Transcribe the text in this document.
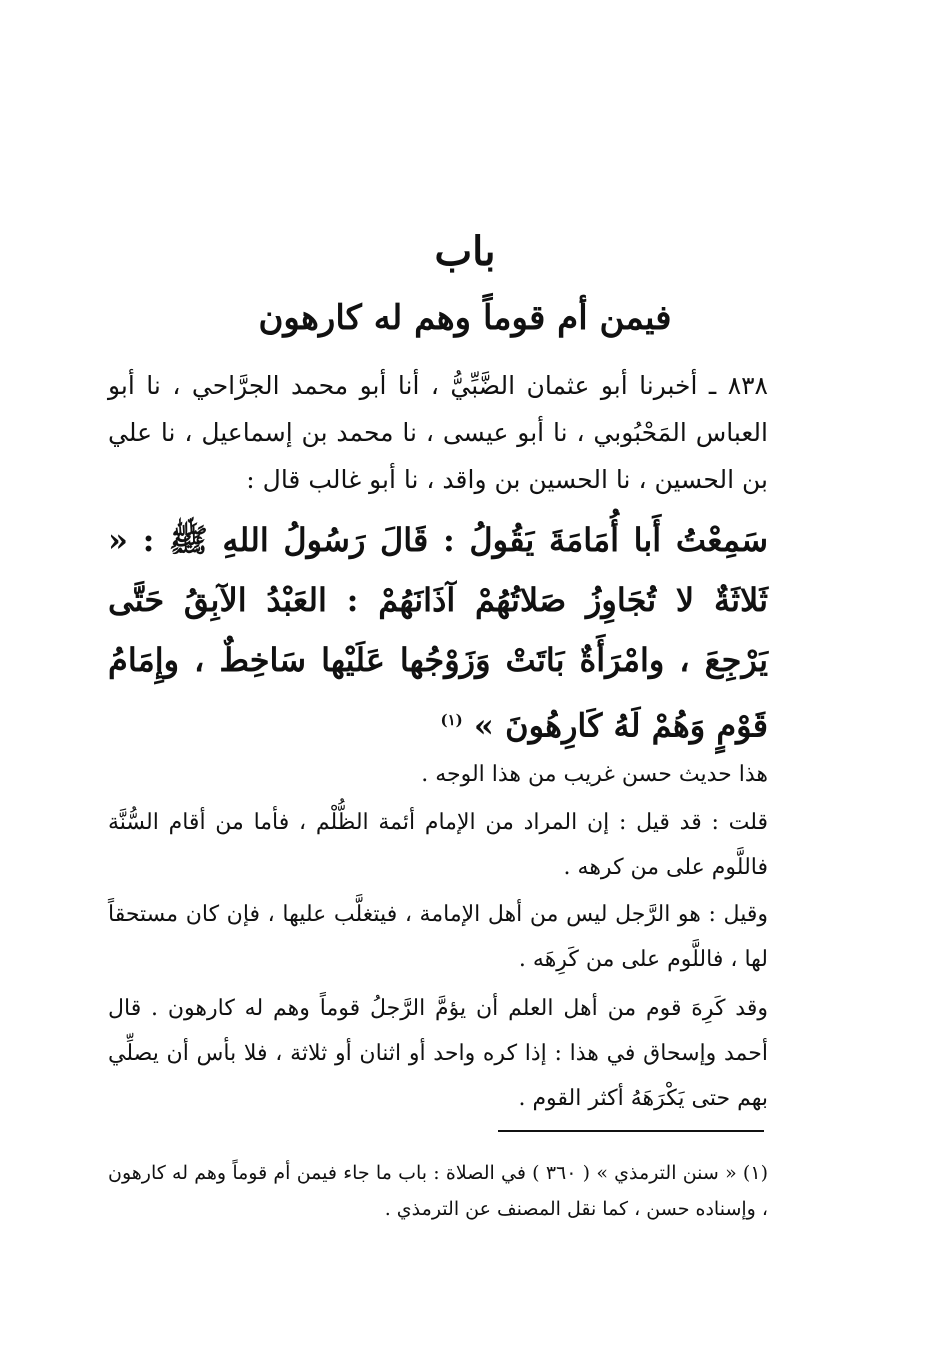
باب
فيمن أم قوماً وهم له كارهون
٨٣٨ ـ أخبرنا أبو عثمان الضَّبِّيُّ ، أنا أبو محمد الجرَّاحي ، نا أبو العباس المَحْبُوبي ، نا أبو عيسى ، نا محمد بن إسماعيل ، نا علي بن الحسين ، نا الحسين بن واقد ، نا أبو غالب قال :
سَمِعْتُ أَبا أُمَامَةَ يَقُولُ : قَالَ رَسُولُ اللهِ ﷺ : « ثَلاثَةٌ لا تُجَاوِزُ صَلاتُهُمْ آذَانَهُمْ : العَبْدُ الآبِقُ حَتَّى يَرْجِعَ ، وامْرَأَةٌ بَاتَتْ وَزَوْجُها عَلَيْها سَاخِطٌ ، وإِمَامُ قَوْمٍ وَهُمْ لَهُ كَارِهُونَ » $^{(١)}$
هذا حديث حسن غريب من هذا الوجه .
قلت : قد قيل : إن المراد من الإمام أئمة الظُّلْم ، فأما من أقام السُّنَّة فاللَّوم على من كرهه .
وقيل : هو الرَّجل ليس من أهل الإمامة ، فيتغلَّب عليها ، فإن كان مستحقاً لها ، فاللَّوم على من كَرِهَه .
وقد كَرِهَ قوم من أهل العلم أن يؤمَّ الرَّجلُ قوماً وهم له كارهون . قال أحمد وإسحاق في هذا : إذا كره واحد أو اثنان أو ثلاثة ، فلا بأس أن يصلِّي بهم حتى يَكْرَهَهُ أكثر القوم .
(١) « سنن الترمذي » ( ٣٦٠ ) في الصلاة : باب ما جاء فيمن أم قوماً وهم له كارهون ، وإسناده حسن ، كما نقل المصنف عن الترمذي .
